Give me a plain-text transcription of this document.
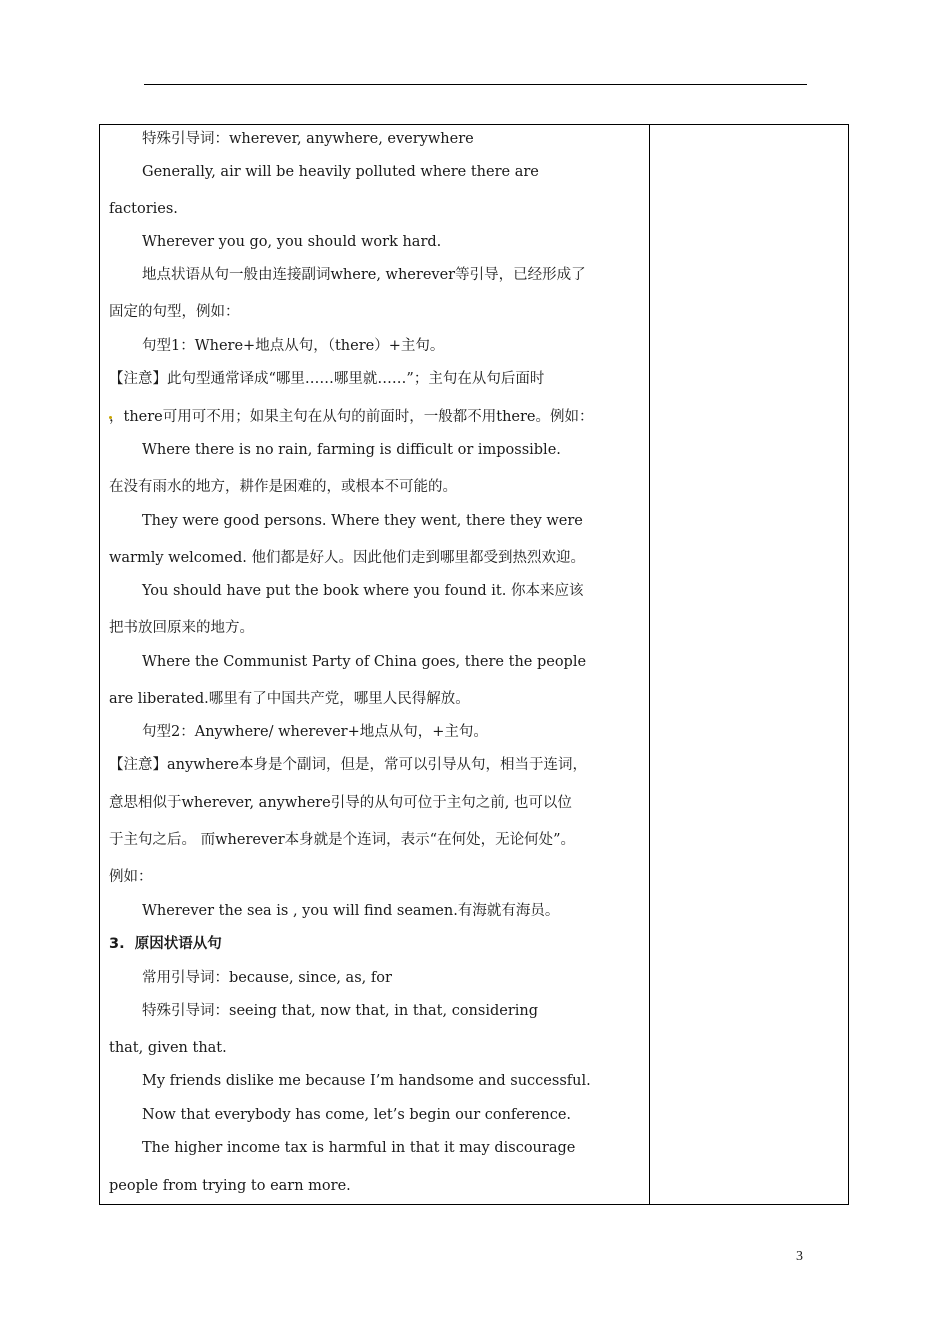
特殊引导词：wherever, anywhere, everywhere
Generally, air will be heavily polluted where there are
factories.
Wherever you go, you should work hard.
地点状语从句一般由连接副词where, wherever等引导，已经形成了
固定的句型，例如：
句型1：Where+地点从句，（there）+主句。
【注意】此句型通常译成“哪里……哪里就……”；主句在从句后面时
，there可用可不用；如果主句在从句的前面时，一般都不用there。例如：
Where there is no rain, farming is difficult or impossible.
在没有雨水的地方，耕作是困难的，或根本不可能的。
They were good persons. Where they went, there they were
warmly welcomed. 他们都是好人。因此他们走到哪里都受到热烈欢迎。
You should have put the book where you found it. 你本来应该
把书放回原来的地方。
Where the Communist Party of China goes, there the people
are liberated.哪里有了中国共产党，哪里人民得解放。
句型2：Anywhere/ wherever+地点从句，+主句。
【注意】anywhere本身是个副词，但是，常可以引导从句，相当于连词，
意思相似于wherever, anywhere引导的从句可位于主句之前, 也可以位
于主句之后。 而wherever本身就是个连词，表示“在何处，无论何处”。
例如：
Wherever the sea is , you will find seamen.有海就有海员。
3.  原因状语从句
常用引导词：because, since, as, for
特殊引导词：seeing that, now that, in that, considering
that, given that.
My friends dislike me because I’m handsome and successful.
Now that everybody has come, let’s begin our conference.
The higher income tax is harmful in that it may discourage
people from trying to earn more.
3
